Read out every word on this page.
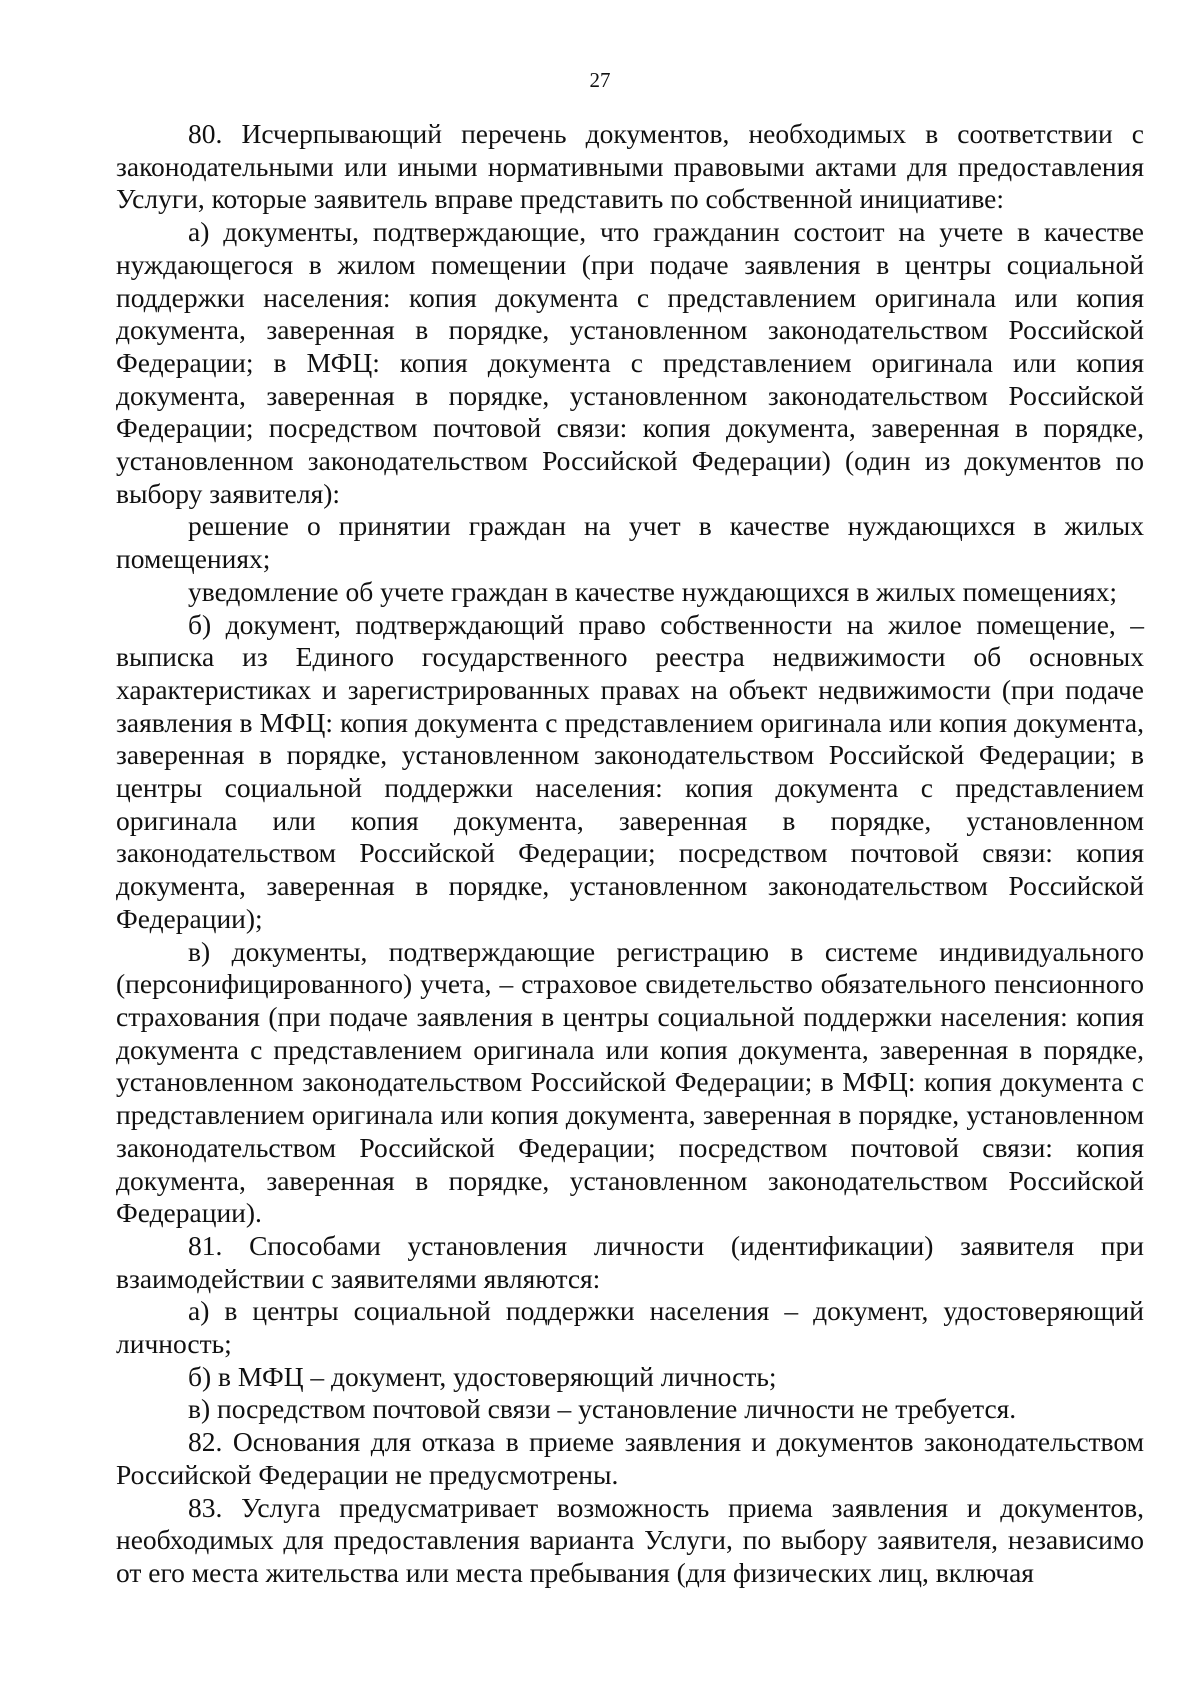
27

80. Исчерпывающий перечень документов, необходимых в соответствии с законодательными или иными нормативными правовыми актами для предоставления Услуги, которые заявитель вправе представить по собственной инициативе:

а) документы, подтверждающие, что гражданин состоит на учете в качестве нуждающегося в жилом помещении (при подаче заявления в центры социальной поддержки населения: копия документа с представлением оригинала или копия документа, заверенная в порядке, установленном законодательством Российской Федерации; в МФЦ: копия документа с представлением оригинала или копия документа, заверенная в порядке, установленном законодательством Российской Федерации; посредством почтовой связи: копия документа, заверенная в порядке, установленном законодательством Российской Федерации) (один из документов по выбору заявителя):

решение о принятии граждан на учет в качестве нуждающихся в жилых помещениях;

уведомление об учете граждан в качестве нуждающихся в жилых помещениях;

б) документ, подтверждающий право собственности на жилое помещение, – выписка из Единого государственного реестра недвижимости об основных характеристиках и зарегистрированных правах на объект недвижимости (при подаче заявления в МФЦ: копия документа с представлением оригинала или копия документа, заверенная в порядке, установленном законодательством Российской Федерации; в центры социальной поддержки населения: копия документа с представлением оригинала или копия документа, заверенная в порядке, установленном законодательством Российской Федерации; посредством почтовой связи: копия документа, заверенная в порядке, установленном законодательством Российской Федерации);

в) документы, подтверждающие регистрацию в системе индивидуального (персонифицированного) учета, – страховое свидетельство обязательного пенсионного страхования (при подаче заявления в центры социальной поддержки населения: копия документа с представлением оригинала или копия документа, заверенная в порядке, установленном законодательством Российской Федерации; в МФЦ: копия документа с представлением оригинала или копия документа, заверенная в порядке, установленном законодательством Российской Федерации; посредством почтовой связи: копия документа, заверенная в порядке, установленном законодательством Российской Федерации).

81. Способами установления личности (идентификации) заявителя при взаимодействии с заявителями являются:

а) в центры социальной поддержки населения – документ, удостоверяющий личность;

б) в МФЦ – документ, удостоверяющий личность;

в) посредством почтовой связи – установление личности не требуется.

82. Основания для отказа в приеме заявления и документов законодательством Российской Федерации не предусмотрены.

83. Услуга предусматривает возможность приема заявления и документов, необходимых для предоставления варианта Услуги, по выбору заявителя, независимо от его места жительства или места пребывания (для физических лиц, включая
